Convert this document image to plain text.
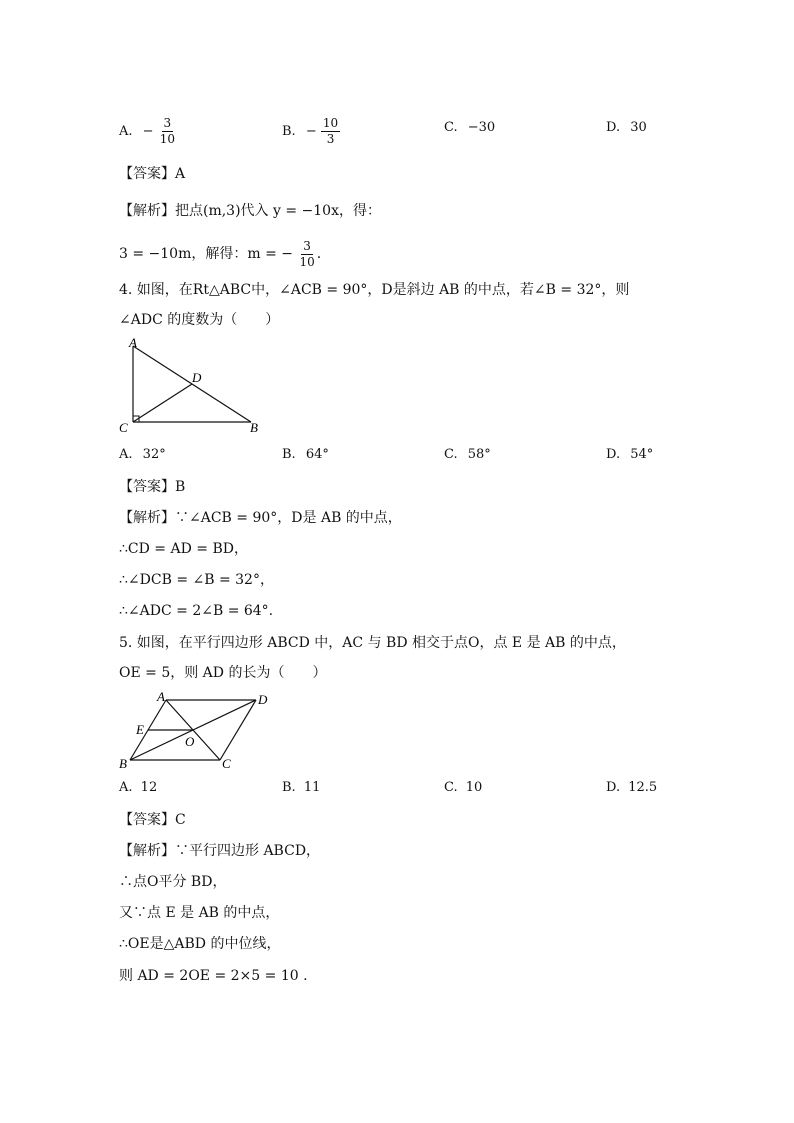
A. − $\frac{3}{10}$	B. − $\frac{10}{3}$	C. −30	D. 30
【答案】A
【解析】把点(m,3)代入 y = −10x，得：
3 = −10m，解得：m = − $\frac{3}{10}$ .
4. 如图，在Rt△ABC中，∠ACB = 90°，D是斜边 AB 的中点，若∠B = 32°，则
∠ADC 的度数为（　　）
A
D
C	B
A. 32°	B. 64°	C. 58°	D. 54°
【答案】B
【解析】∵∠ACB = 90°，D是 AB 的中点，
∴CD = AD = BD，
∴∠DCB = ∠B = 32°，
∴∠ADC = 2∠B = 64°.
5. 如图，在平行四边形 ABCD 中，AC 与 BD 相交于点O，点 E 是 AB 的中点，
OE = 5，则 AD 的长为（　　）
A	D
E
O
B	C
A. 12	B. 11	C. 10	D. 12.5
【答案】C
【解析】∵平行四边形 ABCD，
∴点O平分 BD，
又∵点 E 是 AB 的中点，
∴OE是△ABD 的中位线，
则 AD = 2OE = 2×5 = 10 .
